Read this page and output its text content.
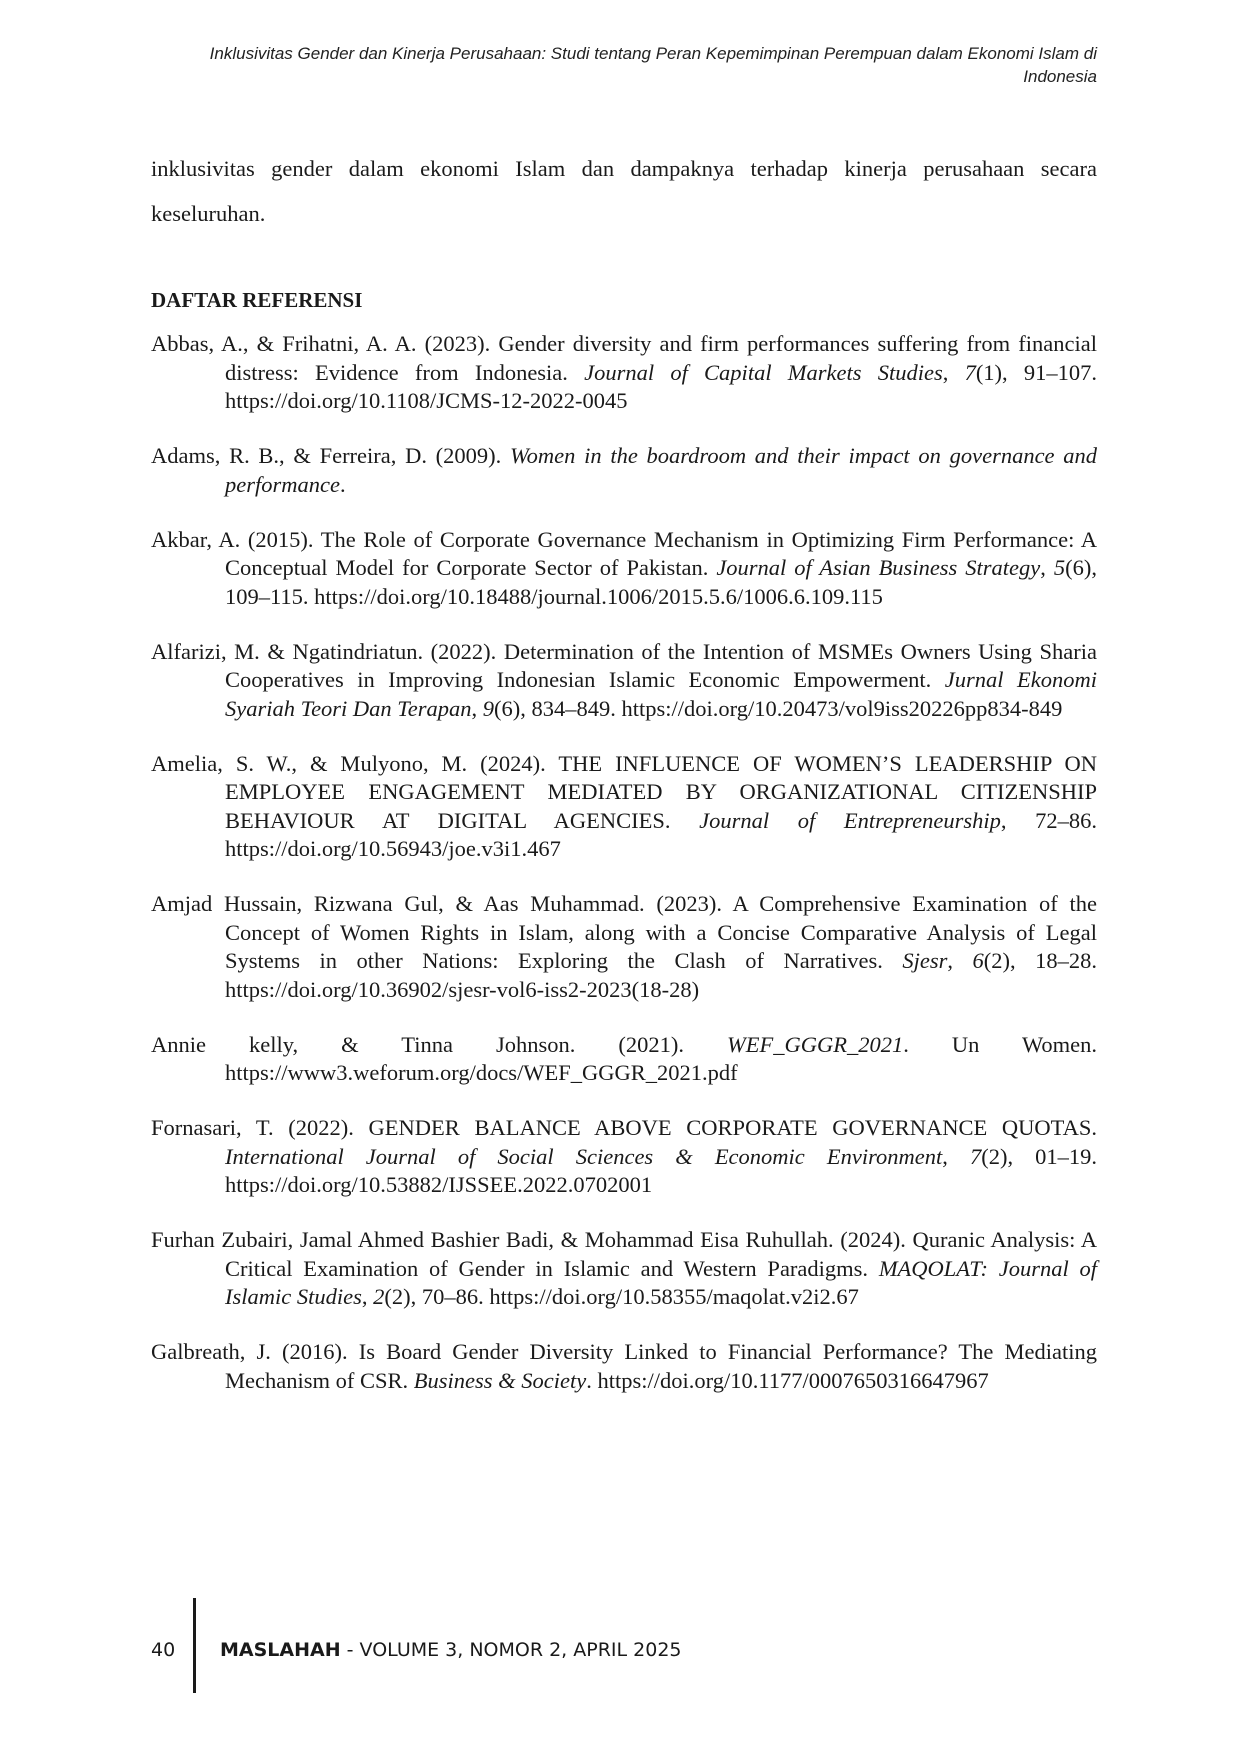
Inklusivitas Gender dan Kinerja Perusahaan: Studi tentang Peran Kepemimpinan Perempuan dalam Ekonomi Islam di Indonesia

inklusivitas gender dalam ekonomi Islam dan dampaknya terhadap kinerja perusahaan secara keseluruhan.

DAFTAR REFERENSI
Abbas, A., & Frihatni, A. A. (2023). Gender diversity and firm performances suffering from financial distress: Evidence from Indonesia. Journal of Capital Markets Studies, 7(1), 91–107. https://doi.org/10.1108/JCMS-12-2022-0045
Adams, R. B., & Ferreira, D. (2009). Women in the boardroom and their impact on governance and performance.
Akbar, A. (2015). The Role of Corporate Governance Mechanism in Optimizing Firm Performance: A Conceptual Model for Corporate Sector of Pakistan. Journal of Asian Business Strategy, 5(6), 109–115. https://doi.org/10.18488/journal.1006/2015.5.6/1006.6.109.115
Alfarizi, M. & Ngatindriatun. (2022). Determination of the Intention of MSMEs Owners Using Sharia Cooperatives in Improving Indonesian Islamic Economic Empowerment. Jurnal Ekonomi Syariah Teori Dan Terapan, 9(6), 834–849. https://doi.org/10.20473/vol9iss20226pp834-849
Amelia, S. W., & Mulyono, M. (2024). THE INFLUENCE OF WOMEN’S LEADERSHIP ON EMPLOYEE ENGAGEMENT MEDIATED BY ORGANIZATIONAL CITIZENSHIP BEHAVIOUR AT DIGITAL AGENCIES. Journal of Entrepreneurship, 72–86. https://doi.org/10.56943/joe.v3i1.467
Amjad Hussain, Rizwana Gul, & Aas Muhammad. (2023). A Comprehensive Examination of the Concept of Women Rights in Islam, along with a Concise Comparative Analysis of Legal Systems in other Nations: Exploring the Clash of Narratives. Sjesr, 6(2), 18–28. https://doi.org/10.36902/sjesr-vol6-iss2-2023(18-28)
Annie kelly, & Tinna Johnson. (2021). WEF_GGGR_2021. Un Women. https://www3.weforum.org/docs/WEF_GGGR_2021.pdf
Fornasari, T. (2022). GENDER BALANCE ABOVE CORPORATE GOVERNANCE QUOTAS. International Journal of Social Sciences & Economic Environment, 7(2), 01–19. https://doi.org/10.53882/IJSSEE.2022.0702001
Furhan Zubairi, Jamal Ahmed Bashier Badi, & Mohammad Eisa Ruhullah. (2024). Quranic Analysis: A Critical Examination of Gender in Islamic and Western Paradigms. MAQOLAT: Journal of Islamic Studies, 2(2), 70–86. https://doi.org/10.58355/maqolat.v2i2.67
Galbreath, J. (2016). Is Board Gender Diversity Linked to Financial Performance? The Mediating Mechanism of CSR. Business & Society. https://doi.org/10.1177/0007650316647967
40	MASLAHAH - VOLUME 3, NOMOR 2, APRIL 2025
